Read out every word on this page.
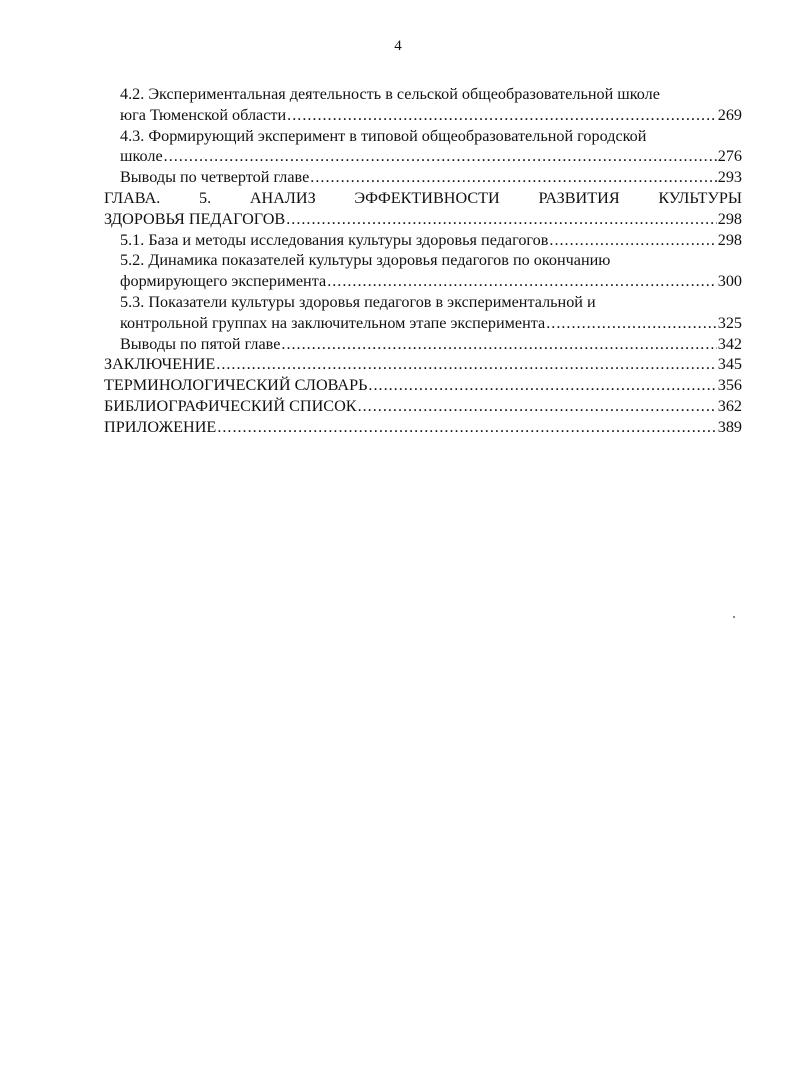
4
4.2. Экспериментальная деятельность в сельской общеобразовательной школе
юга Тюменской области .....	269
4.3. Формирующий эксперимент в типовой общеобразовательной городской
школе .....	276
Выводы по четвертой главе .....	293
ГЛАВА. 5. АНАЛИЗ ЭФФЕКТИВНОСТИ РАЗВИТИЯ КУЛЬТУРЫ
ЗДОРОВЬЯ ПЕДАГОГОВ .....	298
5.1. База и методы исследования культуры здоровья педагогов .....	298
5.2. Динамика показателей культуры здоровья педагогов по окончанию
формирующего эксперимента .....	300
5.3. Показатели культуры здоровья педагогов в экспериментальной и
контрольной группах на заключительном этапе эксперимента .....	325
Выводы по пятой главе .....	342
ЗАКЛЮЧЕНИЕ .....	345
ТЕРМИНОЛОГИЧЕСКИЙ СЛОВАРЬ .....	356
БИБЛИОГРАФИЧЕСКИЙ СПИСОК .....	362
ПРИЛОЖЕНИЕ .....	389
